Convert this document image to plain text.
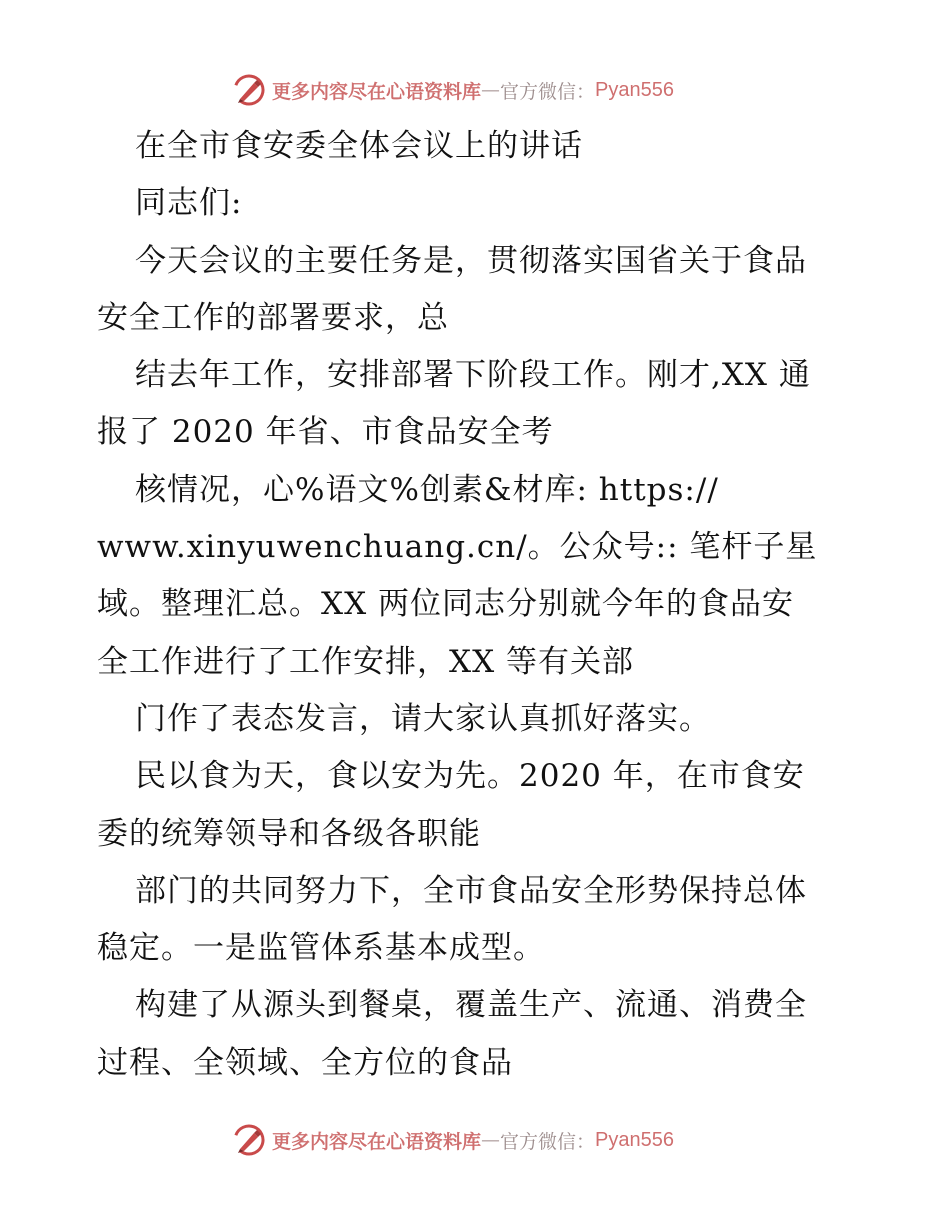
更多内容尽在心语资料库 — 官方微信： Pyan556
在全市食安委全体会议上的讲话
同志们:
今天会议的主要任务是，贯彻落实国省关于食品
安全工作的部署要求，总
结去年工作，安排部署下阶段工作。刚才,XX 通
报了 2020 年省、市食品安全考
核情况，心%语文%创素&材库: https://
www.xinyuwenchuang.cn/。公众号:: 笔杆子星
域。整理汇总。XX 两位同志分别就今年的食品安
全工作进行了工作安排，XX 等有关部
门作了表态发言，请大家认真抓好落实。
民以食为天，食以安为先。2020 年，在市食安
委的统筹领导和各级各职能
部门的共同努力下，全市食品安全形势保持总体
稳定。一是监管体系基本成型。
构建了从源头到餐桌，覆盖生产、流通、消费全
过程、全领域、全方位的食品
更多内容尽在心语资料库 — 官方微信： Pyan556
